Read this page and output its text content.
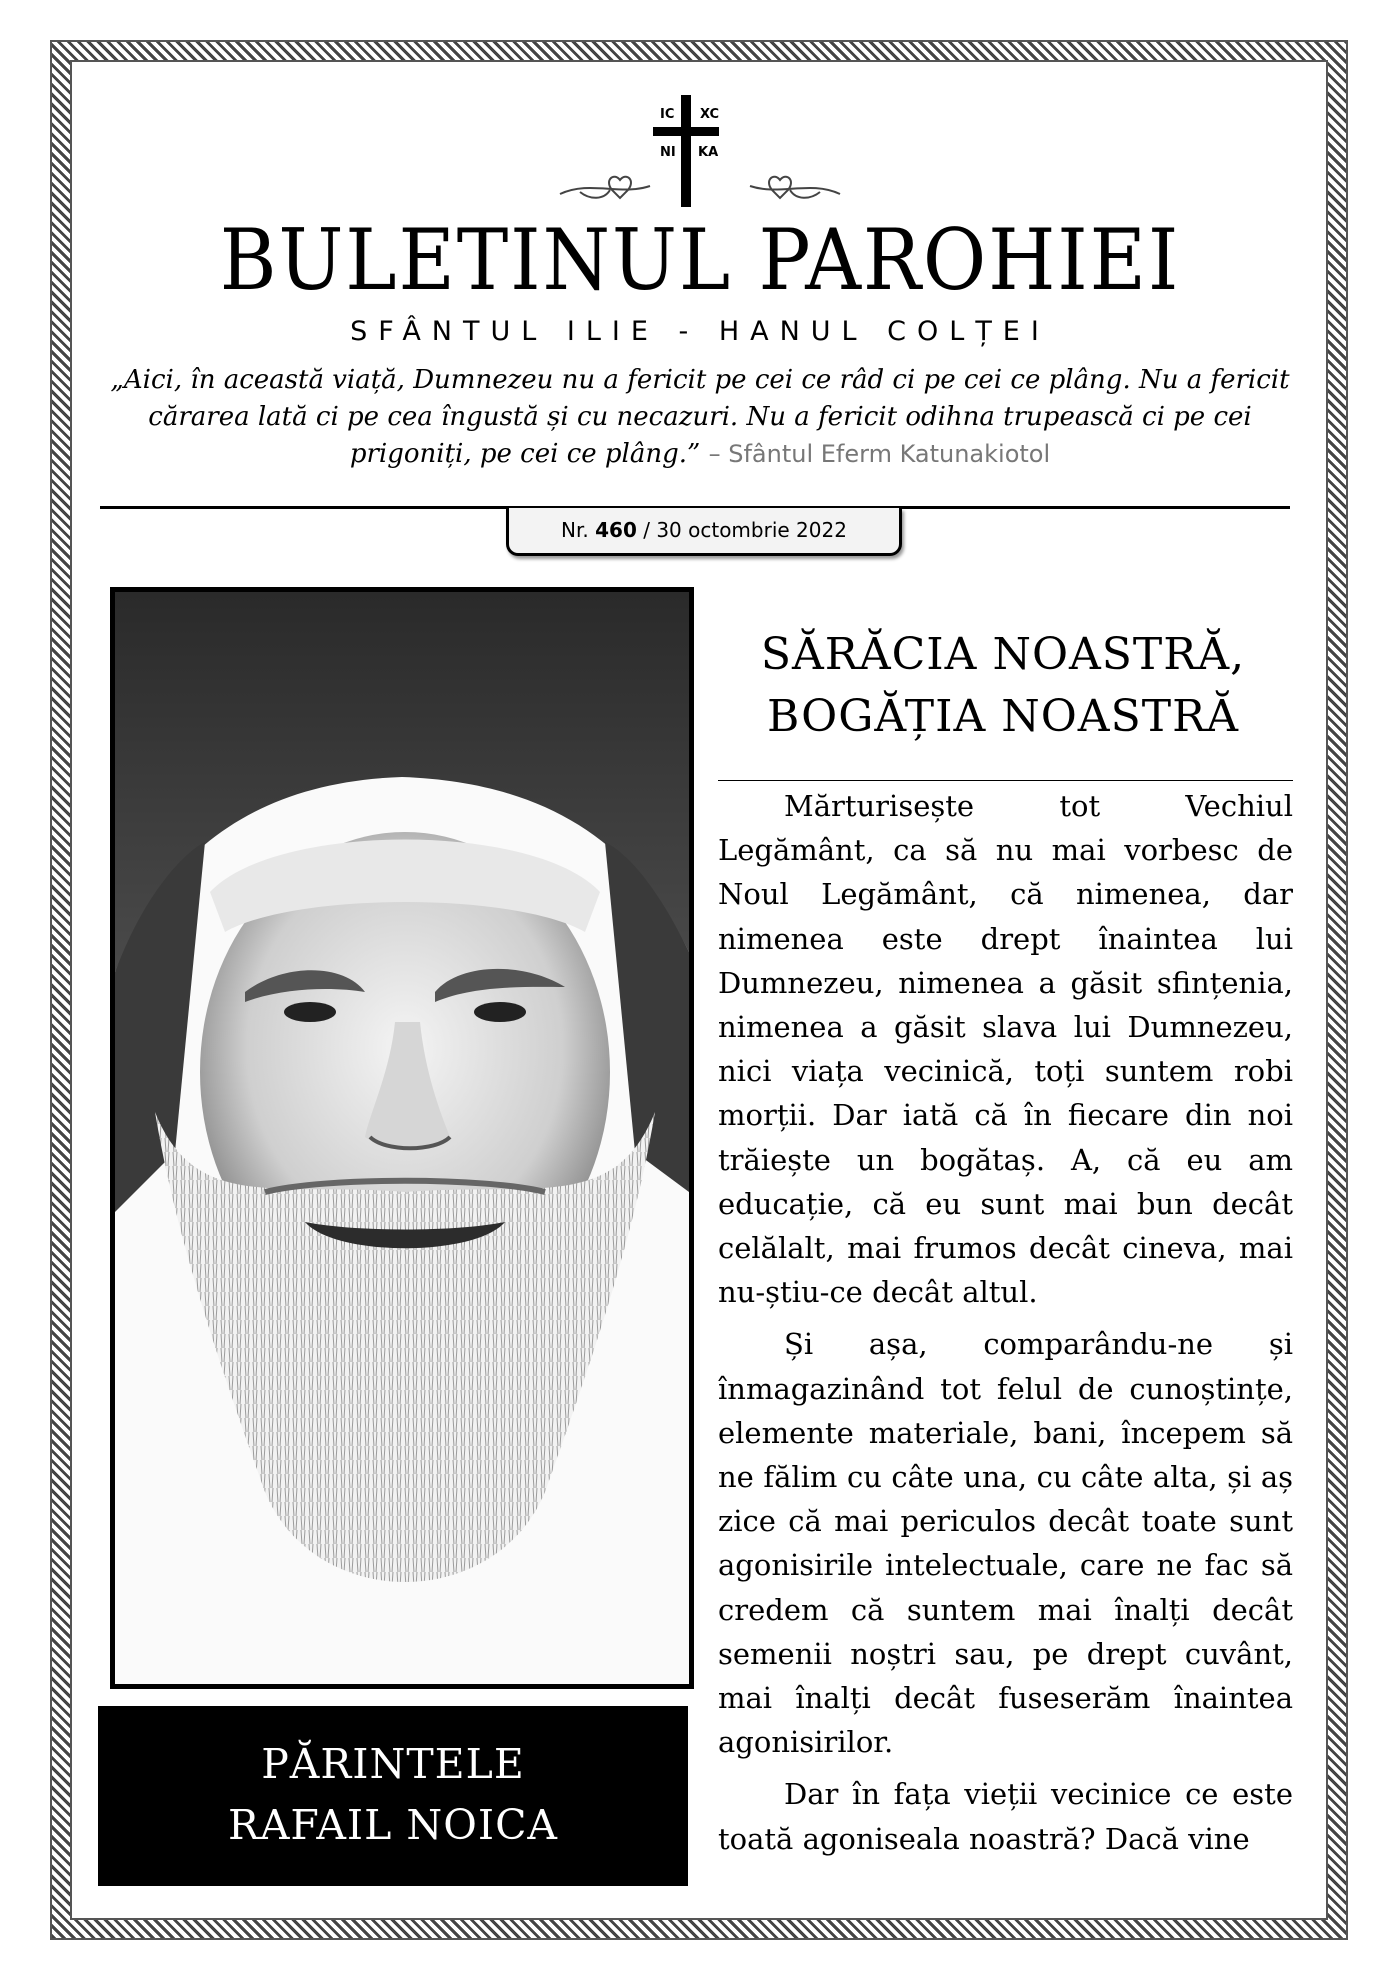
IC XC
NI KA
BULETINUL PAROHIEI
SFÂNTUL ILIE - HANUL COLȚEI
„Aici, în această viață, Dumnezeu nu a fericit pe cei ce râd ci pe cei ce plâng. Nu a fericit cărarea lată ci pe cea îngustă și cu necazuri. Nu a fericit odihna trupească ci pe cei prigoniți, pe cei ce plâng.” – Sfântul Eferm Katunakiotol
Nr. 460 / 30 octombrie 2022
PĂRINTELE
RAFAIL NOICA
SĂRĂCIA NOASTRĂ,
BOGĂȚIA NOASTRĂ

Mărturisește tot Vechiul Legământ, ca să nu mai vorbesc de Noul Legământ, că nimenea, dar nimenea este drept înaintea lui Dumnezeu, nimenea a găsit sfințenia, nimenea a găsit slava lui Dumnezeu, nici viața vecinică, toți suntem robi morții. Dar iată că în fiecare din noi trăiește un bogătaș. A, că eu am educație, că eu sunt mai bun decât celălalt, mai frumos decât cineva, mai nu-știu-ce decât altul.

Și așa, comparându-ne și înmagazinând tot felul de cunoștințe, elemente materiale, bani, începem să ne fălim cu câte una, cu câte alta, și aș zice că mai periculos decât toate sunt agonisirile intelectuale, care ne fac să credem că suntem mai înalți decât semenii noștri sau, pe drept cuvânt, mai înalți decât fuseserăm înaintea agonisirilor.

Dar în fața vieții vecinice ce este toată agoniseala noastră? Dacă vine
